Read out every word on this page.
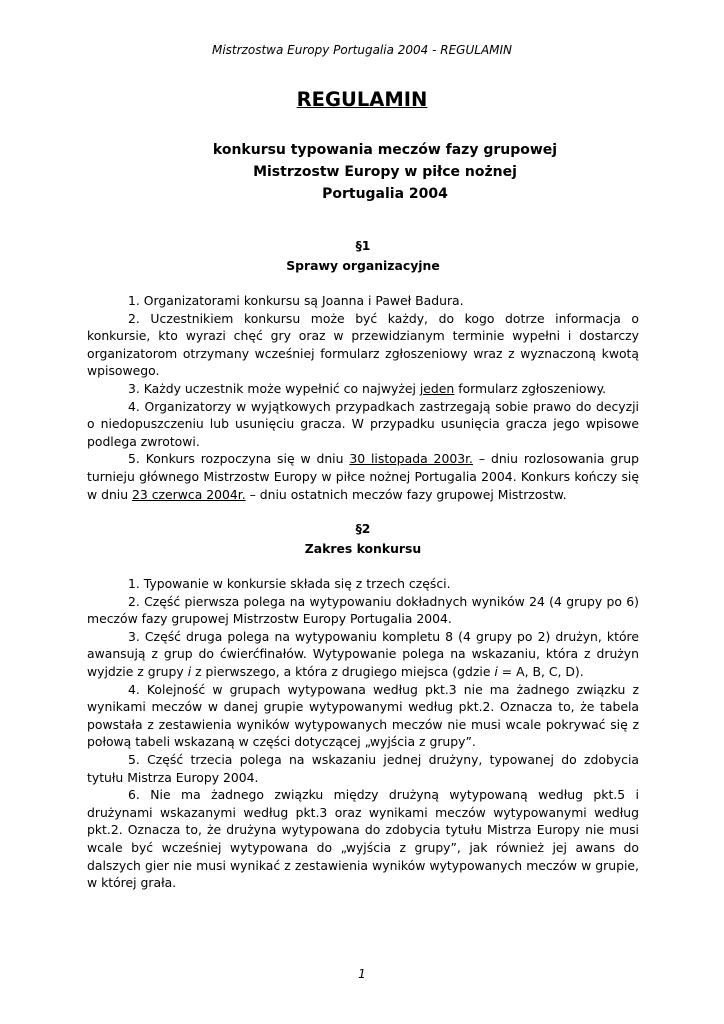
Mistrzostwa Europy Portugalia 2004 - REGULAMIN
REGULAMIN
konkursu typowania meczów fazy grupowej
Mistrzostw Europy w piłce nożnej
Portugalia 2004
§1
Sprawy organizacyjne

1. Organizatorami konkursu są Joanna i Paweł Badura.

2. Uczestnikiem konkursu może być każdy, do kogo dotrze informacja o konkursie, kto wyrazi chęć gry oraz w przewidzianym terminie wypełni i dostarczy organizatorom otrzymany wcześniej formularz zgłoszeniowy wraz z wyznaczoną kwotą wpisowego.

3. Każdy uczestnik może wypełnić co najwyżej jeden formularz zgłoszeniowy.

4. Organizatorzy w wyjątkowych przypadkach zastrzegają sobie prawo do decyzji o niedopuszczeniu lub usunięciu gracza. W przypadku usunięcia gracza jego wpisowe podlega zwrotowi.

5. Konkurs rozpoczyna się w dniu 30 listopada 2003r. – dniu rozlosowania grup turnieju głównego Mistrzostw Europy w piłce nożnej Portugalia 2004. Konkurs kończy się w dniu 23 czerwca 2004r. – dniu ostatnich meczów fazy grupowej Mistrzostw.

§2
Zakres konkursu

1. Typowanie w konkursie składa się z trzech części.

2. Część pierwsza polega na wytypowaniu dokładnych wyników 24 (4 grupy po 6) meczów fazy grupowej Mistrzostw Europy Portugalia 2004.

3. Część druga polega na wytypowaniu kompletu 8 (4 grupy po 2) drużyn, które awansują z grup do ćwierćfinałów. Wytypowanie polega na wskazaniu, która z drużyn wyjdzie z grupy i z pierwszego, a która z drugiego miejsca (gdzie i = A, B, C, D).

4. Kolejność w grupach wytypowana według pkt.3 nie ma żadnego związku z wynikami meczów w danej grupie wytypowanymi według pkt.2. Oznacza to, że tabela powstała z zestawienia wyników wytypowanych meczów nie musi wcale pokrywać się z połową tabeli wskazaną w części dotyczącej „wyjścia z grupy”.

5. Część trzecia polega na wskazaniu jednej drużyny, typowanej do zdobycia tytułu Mistrza Europy 2004.

6. Nie ma żadnego związku między drużyną wytypowaną według pkt.5 i drużynami wskazanymi według pkt.3 oraz wynikami meczów wytypowanymi według pkt.2. Oznacza to, że drużyna wytypowana do zdobycia tytułu Mistrza Europy nie musi wcale być wcześniej wytypowana do „wyjścia z grupy”, jak również jej awans do dalszych gier nie musi wynikać z zestawienia wyników wytypowanych meczów w grupie, w której grała.

1
